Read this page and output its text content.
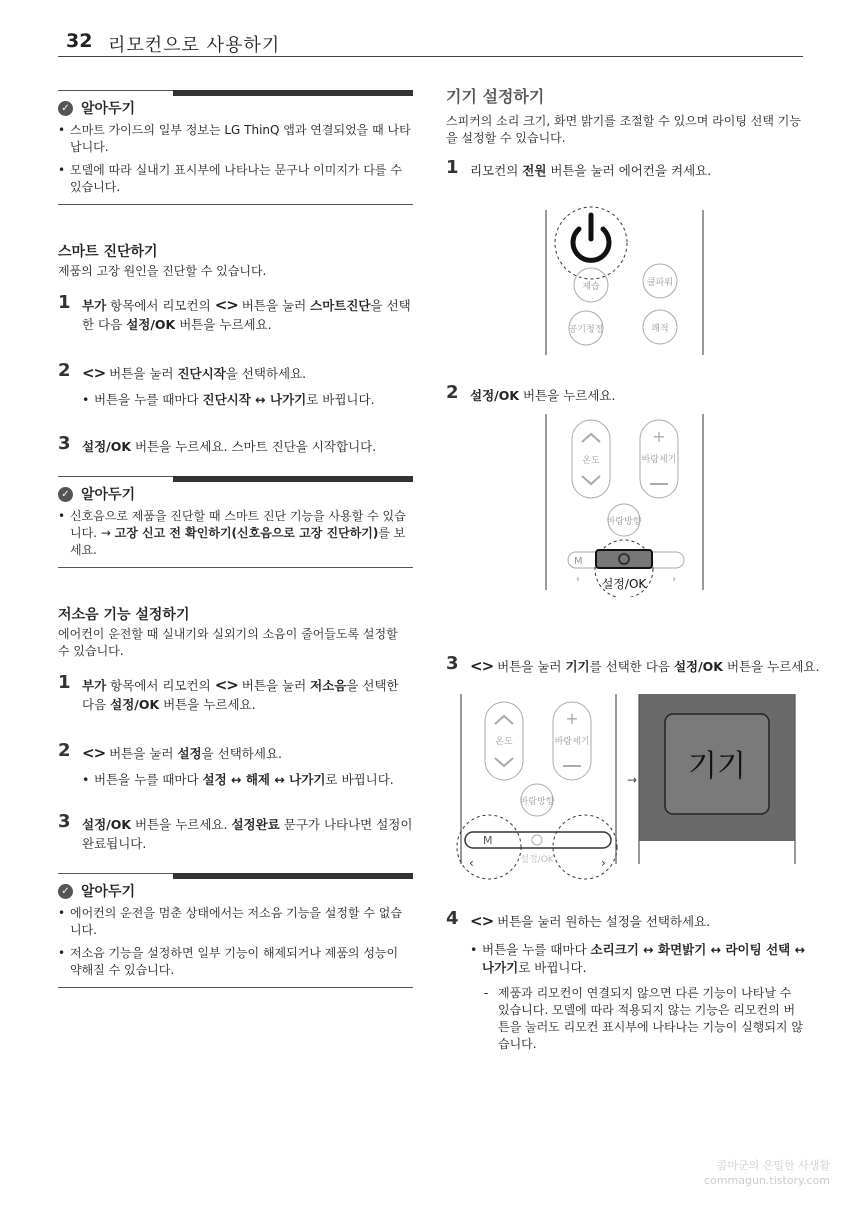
32 리모컨으로 사용하기
✓ 알아두기
• 스마트 가이드의 일부 정보는 LG ThinQ 앱과 연결되었을 때 나타납니다.
• 모델에 따라 실내기 표시부에 나타나는 문구나 이미지가 다를 수 있습니다.
스마트 진단하기
제품의 고장 원인을 진단할 수 있습니다.
1 부가 항목에서 리모컨의 <> 버튼을 눌러 스마트진단을 선택한 다음 설정/OK 버튼을 누르세요.
2 <> 버튼을 눌러 진단시작을 선택하세요.
• 버튼을 누를 때마다 진단시작 ↔ 나가기로 바뀝니다.
3 설정/OK 버튼을 누르세요. 스마트 진단을 시작합니다.
✓ 알아두기
• 신호음으로 제품을 진단할 때 스마트 진단 기능을 사용할 수 있습니다. → 고장 신고 전 확인하기(신호음으로 고장 진단하기)를 보세요.
저소음 기능 설정하기
에어컨이 운전할 때 실내기와 실외기의 소음이 줄어들도록 설정할 수 있습니다.
1 부가 항목에서 리모컨의 <> 버튼을 눌러 저소음을 선택한 다음 설정/OK 버튼을 누르세요.
2 <> 버튼을 눌러 설정을 선택하세요.
• 버튼을 누를 때마다 설정 ↔ 해제 ↔ 나가기로 바뀝니다.
3 설정/OK 버튼을 누르세요. 설정완료 문구가 나타나면 설정이 완료됩니다.
✓ 알아두기
• 에어컨의 운전을 멈춘 상태에서는 저소음 기능을 설정할 수 없습니다.
• 저소음 기능을 설정하면 일부 기능이 해제되거나 제품의 성능이 약해질 수 있습니다.
기기 설정하기
스피커의 소리 크기, 화면 밝기를 조절할 수 있으며 라이팅 선택 기능을 설정할 수 있습니다.
1 리모컨의 전원 버튼을 눌러 에어컨을 켜세요.
제습	쿨파워
공기청정	쾌적
2 설정/OK 버튼을 누르세요.
온도
+
바람세기
바람방향
M
‹	›
설정/OK
3 <> 버튼을 눌러 기기를 선택한 다음 설정/OK 버튼을 누르세요.
온도
+
바람세기
바람방향
M
‹	›
설정/OK
→ 기기
4 <> 버튼을 눌러 원하는 설정을 선택하세요.
• 버튼을 누를 때마다 소리크기 ↔ 화면밝기 ↔ 라이팅 선택 ↔ 나가기로 바뀝니다.
- 제품과 리모컨이 연결되지 않으면 다른 기능이 나타날 수 있습니다. 모델에 따라 적용되지 않는 기능은 리모컨의 버튼을 눌러도 리모컨 표시부에 나타나는 기능이 실행되지 않습니다.
콤마군의 은밀한 사생활
commagun.tistory.com
